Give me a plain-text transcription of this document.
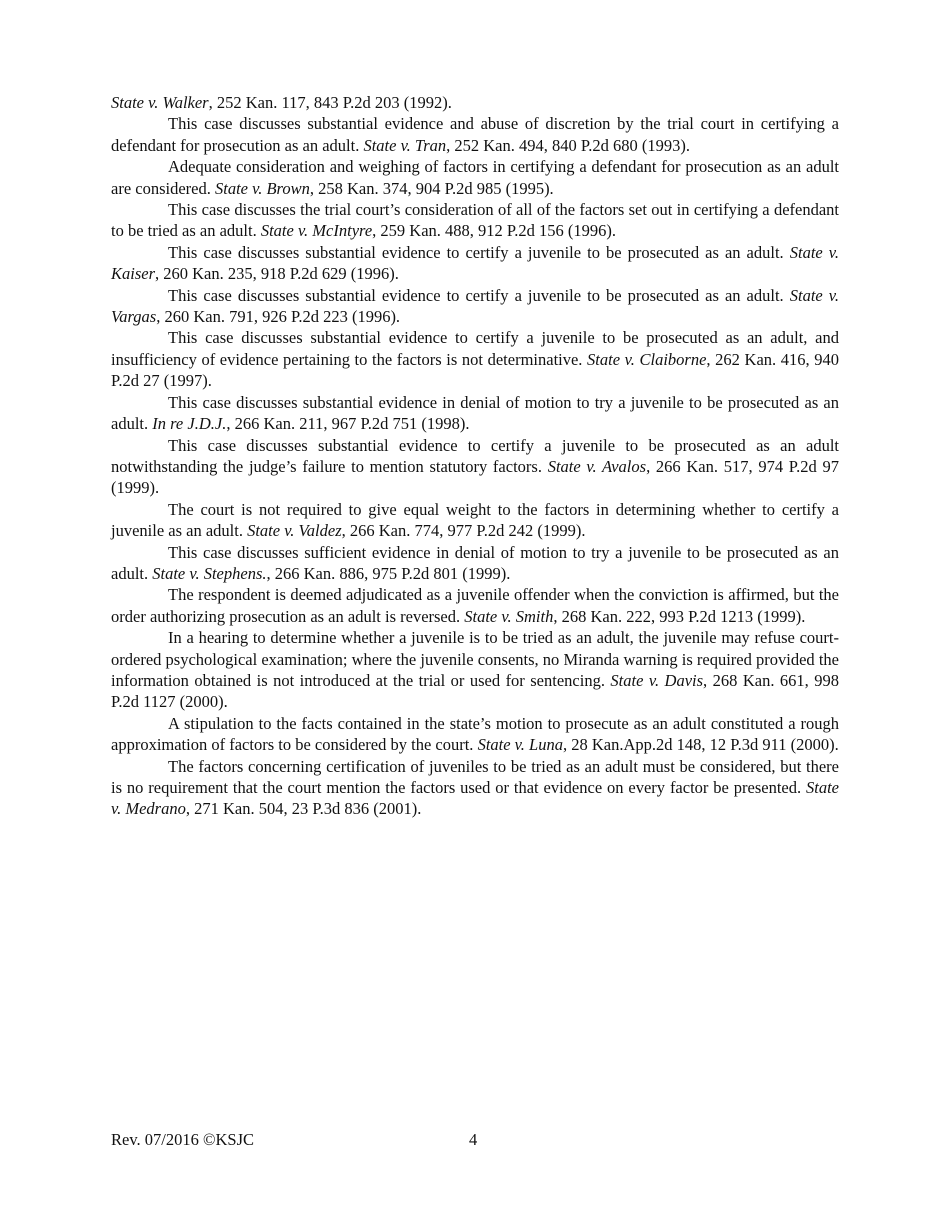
State v. Walker, 252 Kan. 117, 843 P.2d 203 (1992).

This case discusses substantial evidence and abuse of discretion by the trial court in certifying a defendant for prosecution as an adult. State v. Tran, 252 Kan. 494, 840 P.2d 680 (1993).

Adequate consideration and weighing of factors in certifying a defendant for prosecution as an adult are considered. State v. Brown, 258 Kan. 374, 904 P.2d 985 (1995).

This case discusses the trial court’s consideration of all of the factors set out in certifying a defendant to be tried as an adult. State v. McIntyre, 259 Kan. 488, 912 P.2d 156 (1996).

This case discusses substantial evidence to certify a juvenile to be prosecuted as an adult. State v. Kaiser, 260 Kan. 235, 918 P.2d 629 (1996).

This case discusses substantial evidence to certify a juvenile to be prosecuted as an adult. State v. Vargas, 260 Kan. 791, 926 P.2d 223 (1996).

This case discusses substantial evidence to certify a juvenile to be prosecuted as an adult, and insufficiency of evidence pertaining to the factors is not determinative. State v. Claiborne, 262 Kan. 416, 940 P.2d 27 (1997).

This case discusses substantial evidence in denial of motion to try a juvenile to be prosecuted as an adult. In re J.D.J., 266 Kan. 211, 967 P.2d 751 (1998).

This case discusses substantial evidence to certify a juvenile to be prosecuted as an adult notwithstanding the judge’s failure to mention statutory factors. State v. Avalos, 266 Kan. 517, 974 P.2d 97 (1999).

The court is not required to give equal weight to the factors in determining whether to certify a juvenile as an adult. State v. Valdez, 266 Kan. 774, 977 P.2d 242 (1999).

This case discusses sufficient evidence in denial of motion to try a juvenile to be prosecuted as an adult. State v. Stephens., 266 Kan. 886, 975 P.2d 801 (1999).

The respondent is deemed adjudicated as a juvenile offender when the conviction is affirmed, but the order authorizing prosecution as an adult is reversed. State v. Smith, 268 Kan. 222, 993 P.2d 1213 (1999).

In a hearing to determine whether a juvenile is to be tried as an adult, the juvenile may refuse court-ordered psychological examination; where the juvenile consents, no Miranda warning is required provided the information obtained is not introduced at the trial or used for sentencing. State v. Davis, 268 Kan. 661, 998 P.2d 1127 (2000).

A stipulation to the facts contained in the state’s motion to prosecute as an adult constituted a rough approximation of factors to be considered by the court. State v. Luna, 28 Kan.App.2d 148, 12 P.3d 911 (2000).

The factors concerning certification of juveniles to be tried as an adult must be considered, but there is no requirement that the court mention the factors used or that evidence on every factor be presented. State v. Medrano, 271 Kan. 504, 23 P.3d 836 (2001).

Rev. 07/2016 ©KSJC	4
